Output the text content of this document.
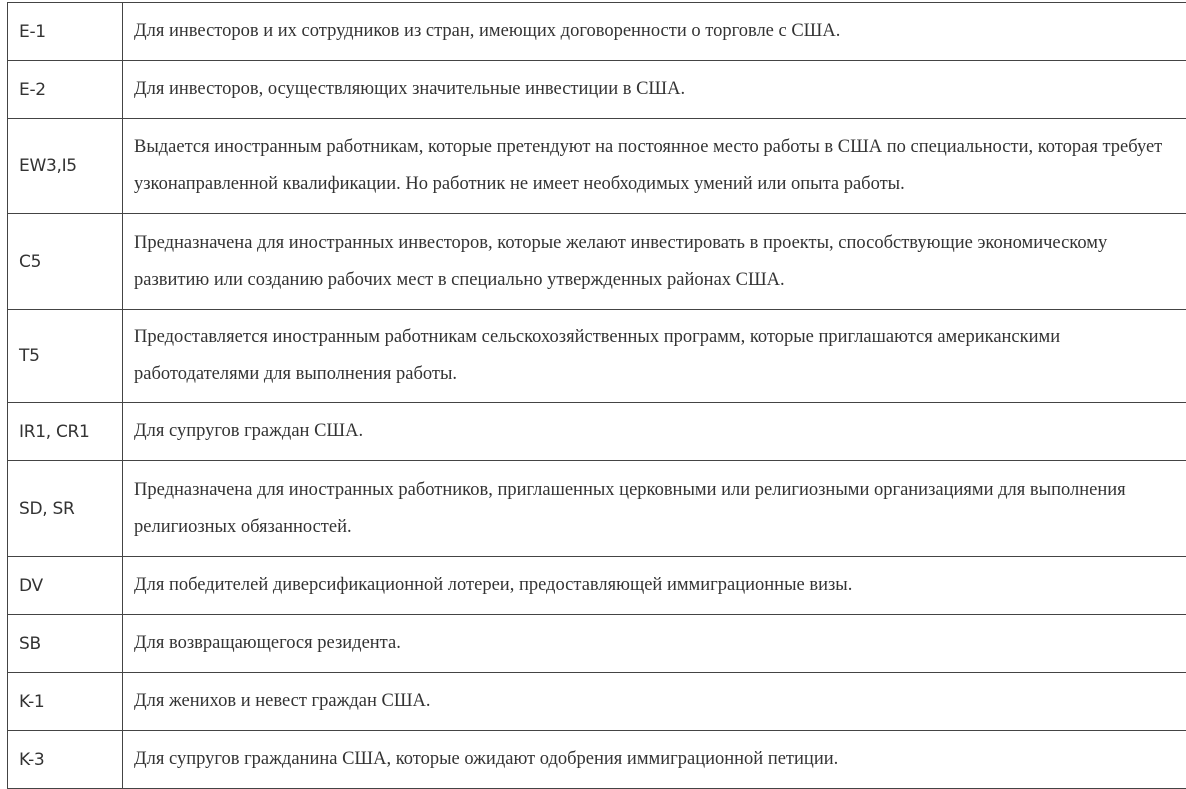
E-1	Для инвесторов и их сотрудников из стран, имеющих договоренности о торговле с США.
E-2	Для инвесторов, осуществляющих значительные инвестиции в США.
EW3,I5	Выдается иностранным работникам, которые претендуют на постоянное место работы в США по специальности, которая требует узконаправленной квалификации. Но работник не имеет необходимых умений или опыта работы.
C5	Предназначена для иностранных инвесторов, которые желают инвестировать в проекты, способствующие экономическому развитию или созданию рабочих мест в специально утвержденных районах США.
T5	Предоставляется иностранным работникам сельскохозяйственных программ, которые приглашаются американскими работодателями для выполнения работы.
IR1, CR1	Для супругов граждан США.
SD, SR	Предназначена для иностранных работников, приглашенных церковными или религиозными организациями для выполнения религиозных обязанностей.
DV	Для победителей диверсификационной лотереи, предоставляющей иммиграционные визы.
SB	Для возвращающегося резидента.
K-1	Для женихов и невест граждан США.
K-3	Для супругов гражданина США, которые ожидают одобрения иммиграционной петиции.
